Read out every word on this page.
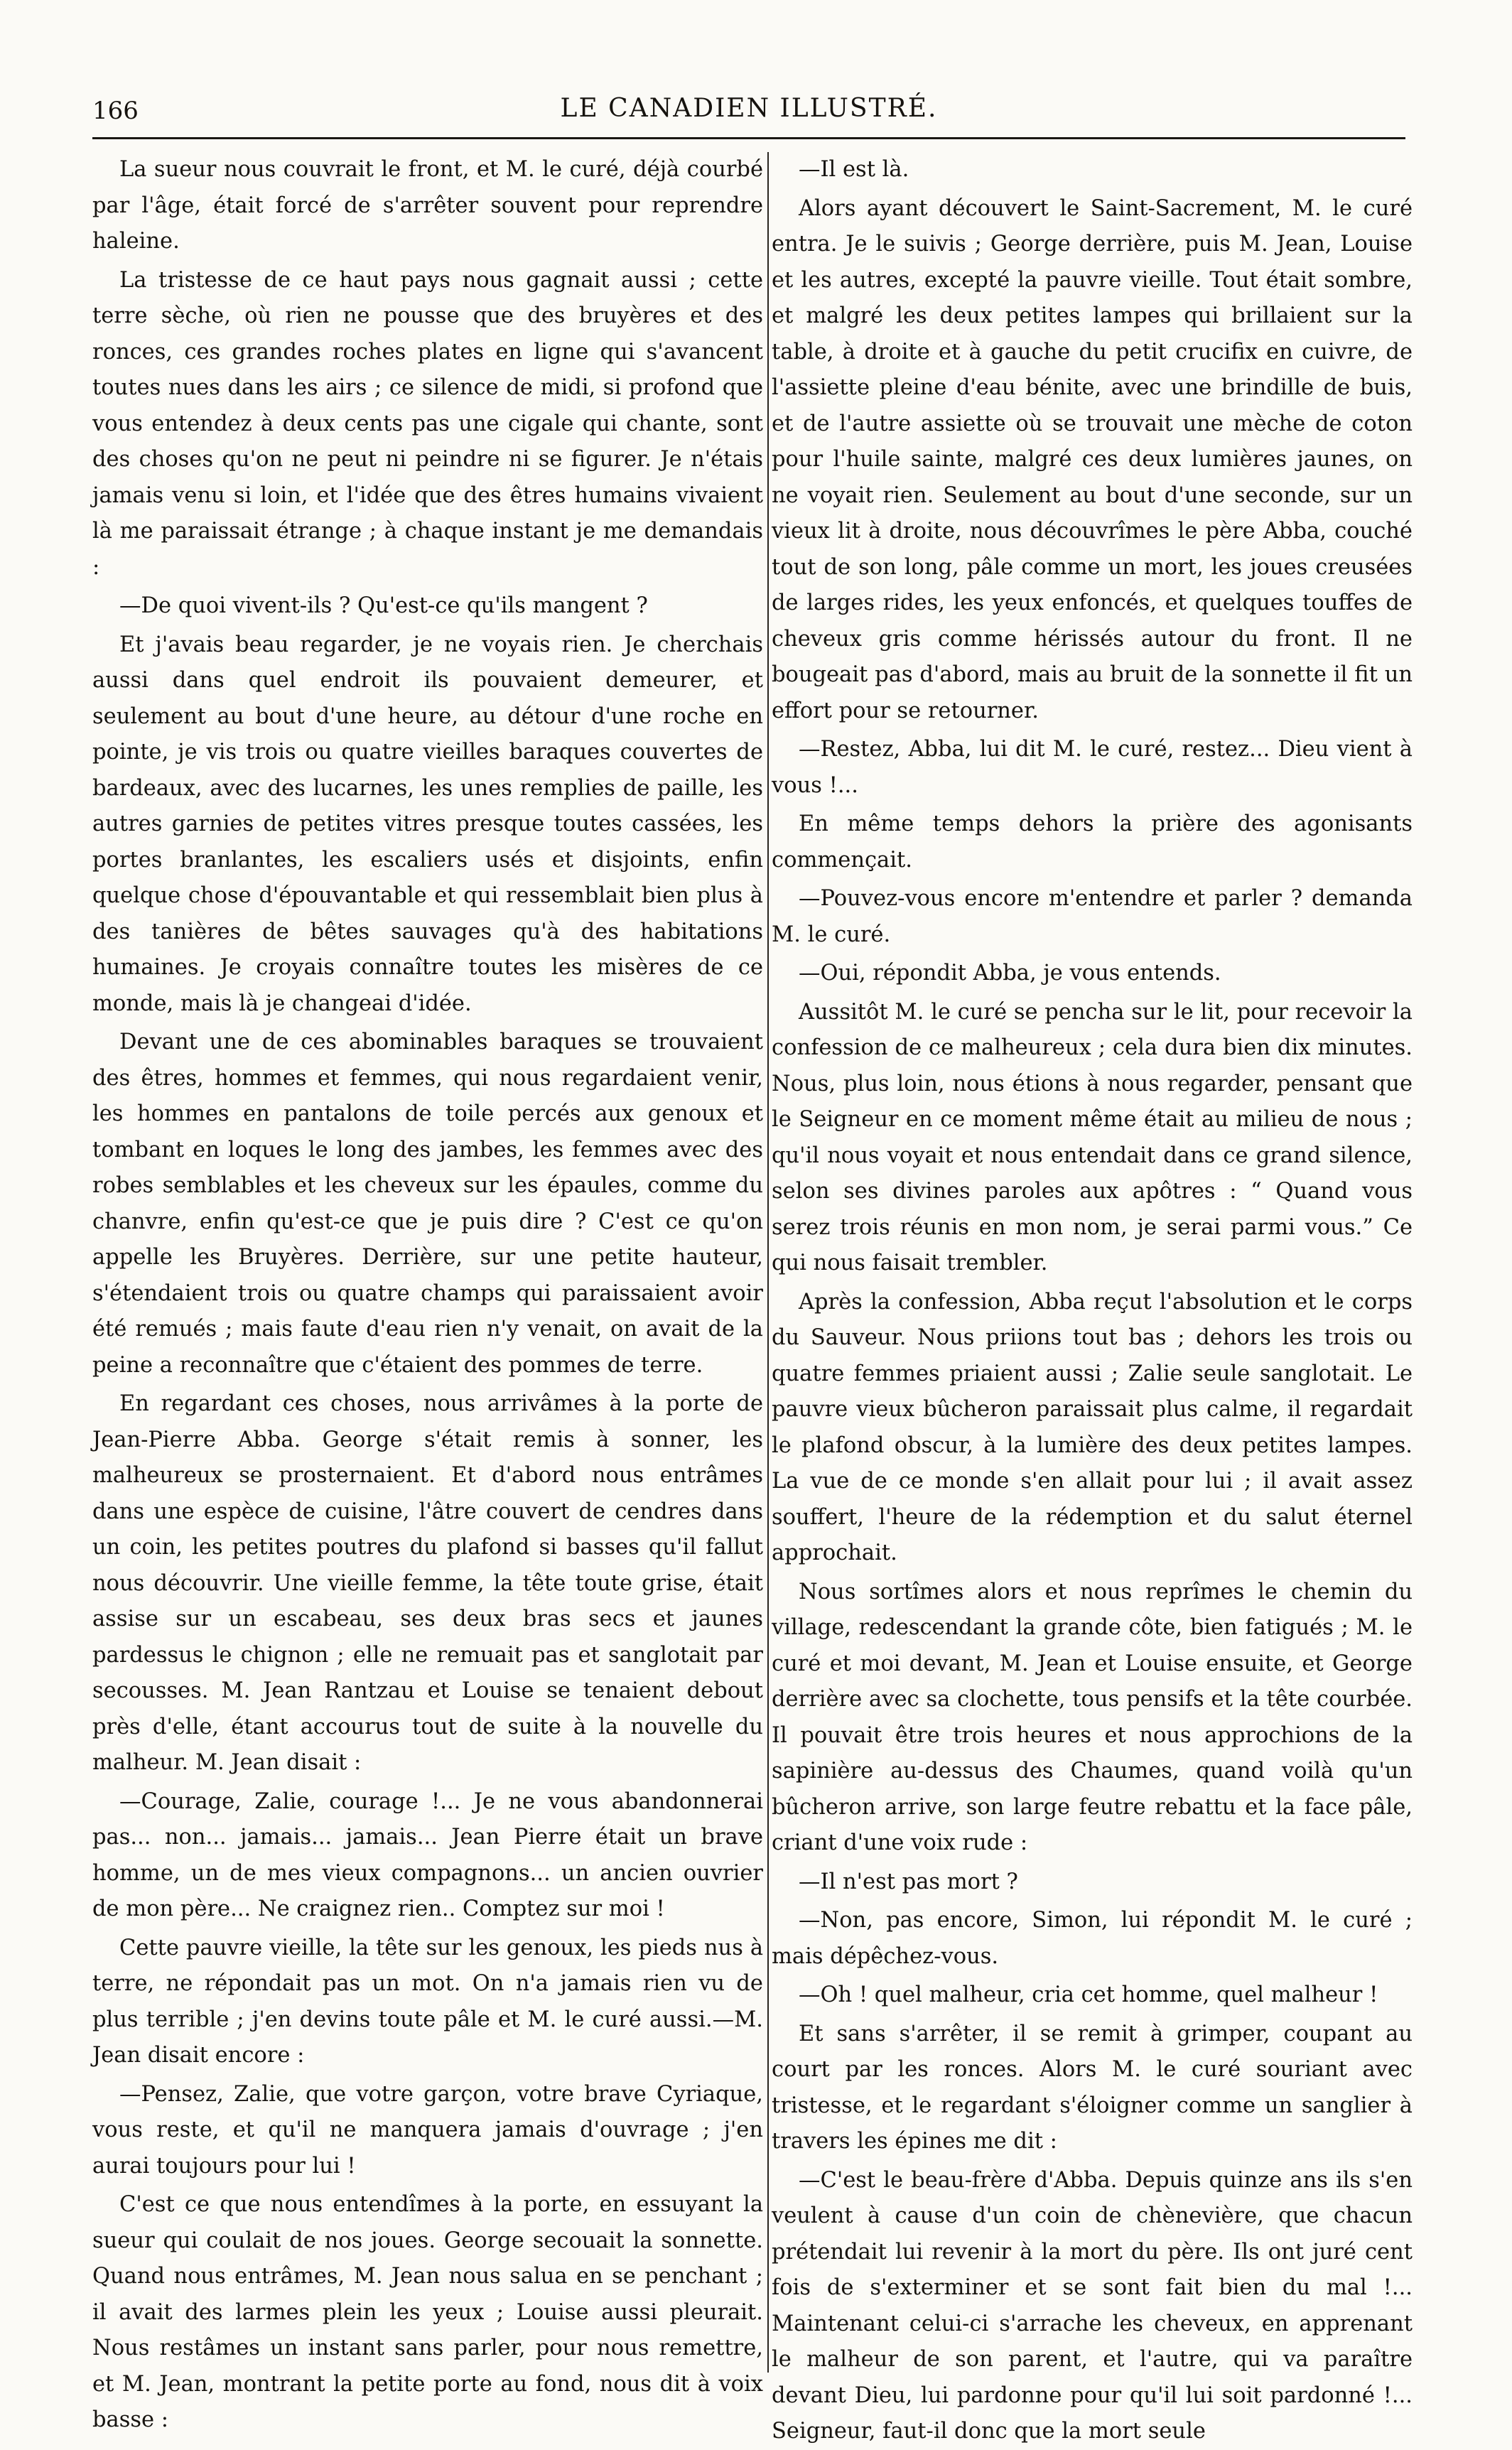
166	LE CANADIEN ILLUSTRÉ.

La sueur nous couvrait le front, et M. le curé, déjà courbé par l'âge, était forcé de s'arrêter souvent pour reprendre haleine.

La tristesse de ce haut pays nous gagnait aussi ; cette terre sèche, où rien ne pousse que des bruyères et des ronces, ces grandes roches plates en ligne qui s'avancent toutes nues dans les airs ; ce silence de midi, si profond que vous entendez à deux cents pas une cigale qui chante, sont des choses qu'on ne peut ni peindre ni se figurer. Je n'étais jamais venu si loin, et l'idée que des êtres humains vivaient là me paraissait étrange ; à chaque instant je me demandais :

—De quoi vivent-ils ? Qu'est-ce qu'ils mangent ?

Et j'avais beau regarder, je ne voyais rien. Je cherchais aussi dans quel endroit ils pouvaient demeurer, et seulement au bout d'une heure, au détour d'une roche en pointe, je vis trois ou quatre vieilles baraques couvertes de bardeaux, avec des lucarnes, les unes remplies de paille, les autres garnies de petites vitres presque toutes cassées, les portes branlantes, les escaliers usés et disjoints, enfin quelque chose d'épouvantable et qui ressemblait bien plus à des tanières de bêtes sauvages qu'à des habitations humaines. Je croyais connaître toutes les misères de ce monde, mais là je changeai d'idée.

Devant une de ces abominables baraques se trouvaient des êtres, hommes et femmes, qui nous regardaient venir, les hommes en pantalons de toile percés aux genoux et tombant en loques le long des jambes, les femmes avec des robes semblables et les cheveux sur les épaules, comme du chanvre, enfin qu'est-ce que je puis dire ? C'est ce qu'on appelle les Bruyères. Derrière, sur une petite hauteur, s'étendaient trois ou quatre champs qui paraissaient avoir été remués ; mais faute d'eau rien n'y venait, on avait de la peine a reconnaître que c'étaient des pommes de terre.

En regardant ces choses, nous arrivâmes à la porte de Jean-Pierre Abba. George s'était remis à sonner, les malheureux se prosternaient. Et d'abord nous entrâmes dans une espèce de cuisine, l'âtre couvert de cendres dans un coin, les petites poutres du plafond si basses qu'il fallut nous découvrir. Une vieille femme, la tête toute grise, était assise sur un escabeau, ses deux bras secs et jaunes pardessus le chignon ; elle ne remuait pas et sanglotait par secousses. M. Jean Rantzau et Louise se tenaient debout près d'elle, étant accourus tout de suite à la nouvelle du malheur. M. Jean disait :

—Courage, Zalie, courage !... Je ne vous abandonnerai pas... non... jamais... jamais... Jean Pierre était un brave homme, un de mes vieux compagnons... un ancien ouvrier de mon père... Ne craignez rien.. Comptez sur moi !

Cette pauvre vieille, la tête sur les genoux, les pieds nus à terre, ne répondait pas un mot. On n'a jamais rien vu de plus terrible ; j'en devins toute pâle et M. le curé aussi.—M. Jean disait encore :

—Pensez, Zalie, que votre garçon, votre brave Cyriaque, vous reste, et qu'il ne manquera jamais d'ouvrage ; j'en aurai toujours pour lui !

C'est ce que nous entendîmes à la porte, en essuyant la sueur qui coulait de nos joues. George secouait la sonnette. Quand nous entrâmes, M. Jean nous salua en se penchant ; il avait des larmes plein les yeux ; Louise aussi pleurait. Nous restâmes un instant sans parler, pour nous remettre, et M. Jean, montrant la petite porte au fond, nous dit à voix basse :

—Il est là.

Alors ayant découvert le Saint-Sacrement, M. le curé entra. Je le suivis ; George derrière, puis M. Jean, Louise et les autres, excepté la pauvre vieille. Tout était sombre, et malgré les deux petites lampes qui brillaient sur la table, à droite et à gauche du petit crucifix en cuivre, de l'assiette pleine d'eau bénite, avec une brindille de buis, et de l'autre assiette où se trouvait une mèche de coton pour l'huile sainte, malgré ces deux lumières jaunes, on ne voyait rien. Seulement au bout d'une seconde, sur un vieux lit à droite, nous découvrîmes le père Abba, couché tout de son long, pâle comme un mort, les joues creusées de larges rides, les yeux enfoncés, et quelques touffes de cheveux gris comme hérissés autour du front. Il ne bougeait pas d'abord, mais au bruit de la sonnette il fit un effort pour se retourner.

—Restez, Abba, lui dit M. le curé, restez... Dieu vient à vous !...

En même temps dehors la prière des agonisants commençait.

—Pouvez-vous encore m'entendre et parler ? demanda M. le curé.

—Oui, répondit Abba, je vous entends.

Aussitôt M. le curé se pencha sur le lit, pour recevoir la confession de ce malheureux ; cela dura bien dix minutes. Nous, plus loin, nous étions à nous regarder, pensant que le Seigneur en ce moment même était au milieu de nous ; qu'il nous voyait et nous entendait dans ce grand silence, selon ses divines paroles aux apôtres : “ Quand vous serez trois réunis en mon nom, je serai parmi vous.” Ce qui nous faisait trembler.

Après la confession, Abba reçut l'absolution et le corps du Sauveur. Nous priions tout bas ; dehors les trois ou quatre femmes priaient aussi ; Zalie seule sanglotait. Le pauvre vieux bûcheron paraissait plus calme, il regardait le plafond obscur, à la lumière des deux petites lampes. La vue de ce monde s'en allait pour lui ; il avait assez souffert, l'heure de la rédemption et du salut éternel approchait.

Nous sortîmes alors et nous reprîmes le chemin du village, redescendant la grande côte, bien fatigués ; M. le curé et moi devant, M. Jean et Louise ensuite, et George derrière avec sa clochette, tous pensifs et la tête courbée. Il pouvait être trois heures et nous approchions de la sapinière au-dessus des Chaumes, quand voilà qu'un bûcheron arrive, son large feutre rebattu et la face pâle, criant d'une voix rude :

—Il n'est pas mort ?

—Non, pas encore, Simon, lui répondit M. le curé ; mais dépêchez-vous.

—Oh ! quel malheur, cria cet homme, quel malheur !

Et sans s'arrêter, il se remit à grimper, coupant au court par les ronces. Alors M. le curé souriant avec tristesse, et le regardant s'éloigner comme un sanglier à travers les épines me dit :

—C'est le beau-frère d'Abba. Depuis quinze ans ils s'en veulent à cause d'un coin de chènevière, que chacun prétendait lui revenir à la mort du père. Ils ont juré cent fois de s'exterminer et se sont fait bien du mal !... Maintenant celui-ci s'arrache les cheveux, en apprenant le malheur de son parent, et l'autre, qui va paraître devant Dieu, lui pardonne pour qu'il lui soit pardonné !... Seigneur, faut-il donc que la mort seule
